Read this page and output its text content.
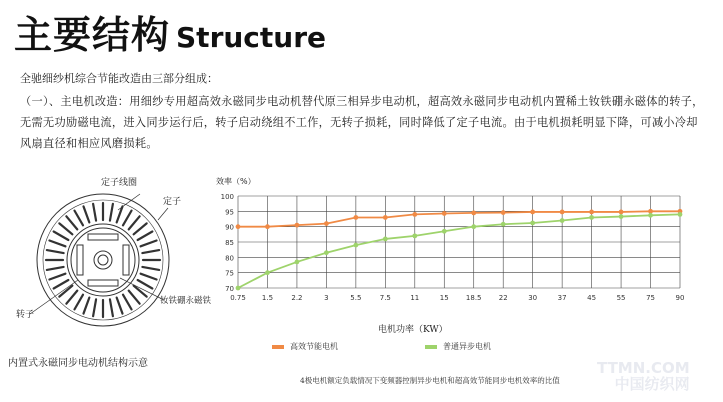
主要结构 Structure
全驰细纱机综合节能改造由三部分组成：
（一）、主电机改造：用细纱专用超高效永磁同步电动机替代原三相异步电动机，超高效永磁同步电动机内置稀土钕铁硼永磁体的转子，无需无功励磁电流，进入同步运行后，转子启动绕组不工作，无转子损耗，同时降低了定子电流。由于电机损耗明显下降，可减小冷却风扇直径和相应风磨损耗。
定子线圈
定子
钕铁硼永磁铁
转子
内置式永磁同步电动机结构示意
效率（%）
70
75
80
85
90
95
100
0.75 1.5	2.2	3	5.5	7.5	11	15 18.5 22	30	37	45	55	75	90
电机功率（KW）
高效节能电机	普通异步电机
4极电机额定负载情况下变频器控制异步电机和超高效节能同步电机效率的比值
TTMN.COM
中国纺织网
